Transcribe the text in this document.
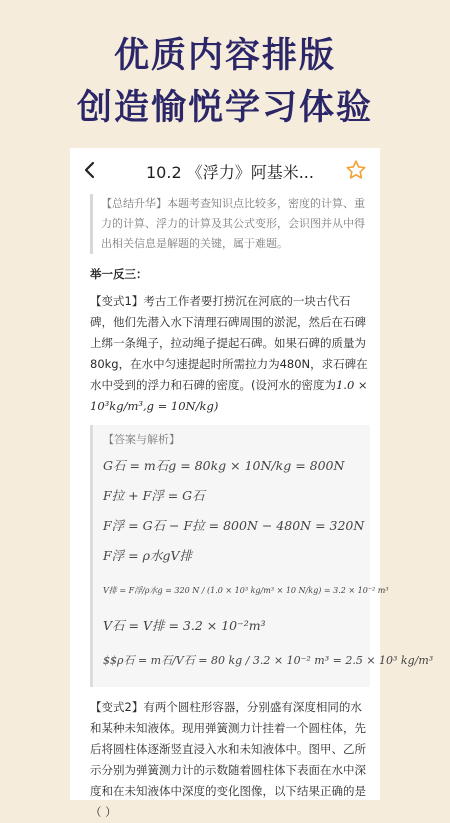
优质内容排版
创造愉悦学习体验
10.2 《浮力》阿基米...
【总结升华】本题考查知识点比较多，密度的计算、重力的计算、浮力的计算及其公式变形，会识图并从中得出相关信息是解题的关键，属于难题。
举一反三：
【变式1】考古工作者要打捞沉在河底的一块古代石碑，他们先潜入水下清理石碑周围的淤泥，然后在石碑上绑一条绳子，拉动绳子提起石碑。如果石碑的质量为80kg，在水中匀速提起时所需拉力为480N，求石碑在水中受到的浮力和石碑的密度。(设河水的密度为1.0 × 10³kg/m³,g = 10N/kg)
【答案与解析】
G石 = m石g = 80kg × 10N/kg = 800N
F拉 + F浮 = G石
F浮 = G石 − F拉 = 800N − 480N = 320N
F浮 = ρ水gV排
V排 = F浮/ρ水g = 320 N / (1.0 × 10³ kg/m³ × 10 N/kg) = 3.2 × 10⁻² m³
V石 = V排 = 3.2 × 10⁻²m³
$$ρ石 = m石/V石 = 80 kg / 3.2 × 10⁻² m³ = 2.5 × 10³ kg/m³
【变式2】有两个圆柱形容器，分别盛有深度相同的水和某种未知液体。现用弹簧测力计挂着一个圆柱体，先后将圆柱体逐渐竖直浸入水和未知液体中。图甲、乙所示分别为弹簧测力计的示数随着圆柱体下表面在水中深度和在未知液体中深度的变化图像，以下结果正确的是（ ）
